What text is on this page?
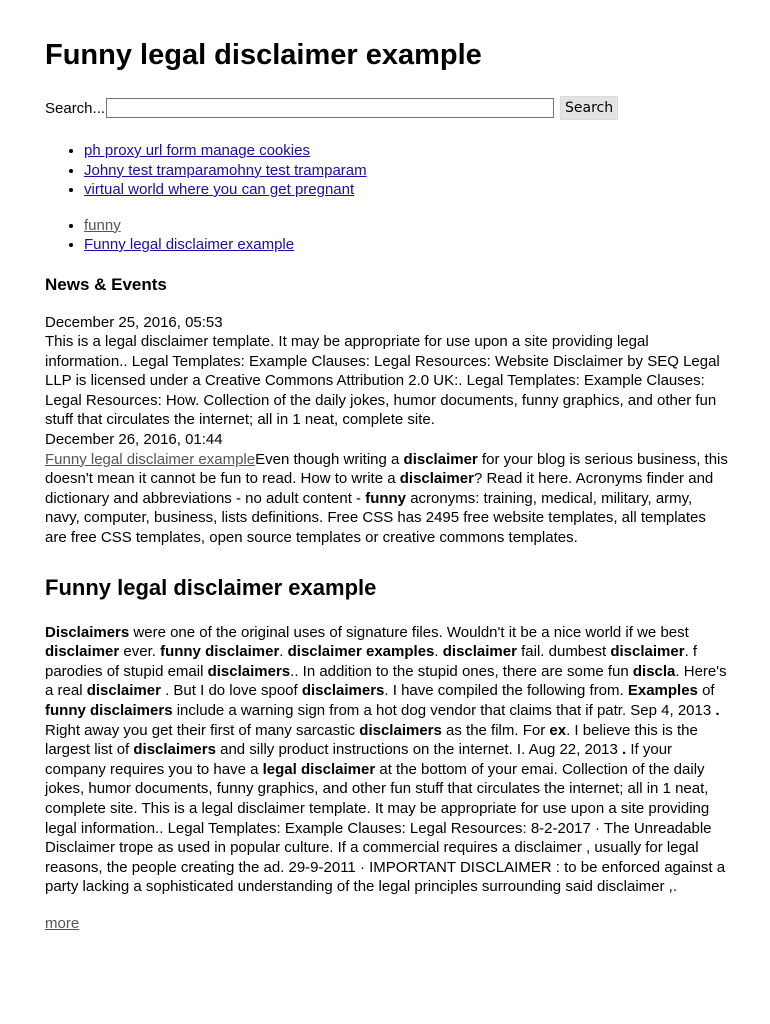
Funny legal disclaimer example
Search...	Search
• ph proxy url form manage cookies
• Johny test tramparamohny test tramparam
• virtual world where you can get pregnant
• funny
• Funny legal disclaimer example
News & Events

December 25, 2016, 05:53

This is a legal disclaimer template. It may be appropriate for use upon a site providing legal information.. Legal Templates: Example Clauses: Legal Resources: Website Disclaimer by SEQ Legal LLP is licensed under a Creative Commons Attribution 2.0 UK:. Legal Templates: Example Clauses: Legal Resources: How. Collection of the daily jokes, humor documents, funny graphics, and other fun stuff that circulates the internet; all in 1 neat, complete site.

December 26, 2016, 01:44

Funny legal disclaimer exampleEven though writing a disclaimer for your blog is serious business, this doesn't mean it cannot be fun to read. How to write a disclaimer? Read it here. Acronyms finder and dictionary and abbreviations - no adult content - funny acronyms: training, medical, military, army, navy, computer, business, lists definitions. Free CSS has 2495 free website templates, all templates are free CSS templates, open source templates or creative commons templates.

Funny legal disclaimer example

Disclaimers were one of the original uses of signature files. Wouldn't it be a nice world if we best disclaimer ever. funny disclaimer. disclaimer examples. disclaimer fail. dumbest disclaimer. f parodies of stupid email disclaimers.. In addition to the stupid ones, there are some fun discla. Here's a real disclaimer . But I do love spoof disclaimers. I have compiled the following from. Examples of funny disclaimers include a warning sign from a hot dog vendor that claims that if patr. Sep 4, 2013 . Right away you get their first of many sarcastic disclaimers as the film. For ex. I believe this is the largest list of disclaimers and silly product instructions on the internet. I. Aug 22, 2013 . If your company requires you to have a legal disclaimer at the bottom of your emai. Collection of the daily jokes, humor documents, funny graphics, and other fun stuff that circulates the internet; all in 1 neat, complete site. This is a legal disclaimer template. It may be appropriate for use upon a site providing legal information.. Legal Templates: Example Clauses: Legal Resources: 8-2-2017 · The Unreadable Disclaimer trope as used in popular culture. If a commercial requires a disclaimer , usually for legal reasons, the people creating the ad. 29-9-2011 · IMPORTANT DISCLAIMER : to be enforced against a party lacking a sophisticated understanding of the legal principles surrounding said disclaimer ,.

more
